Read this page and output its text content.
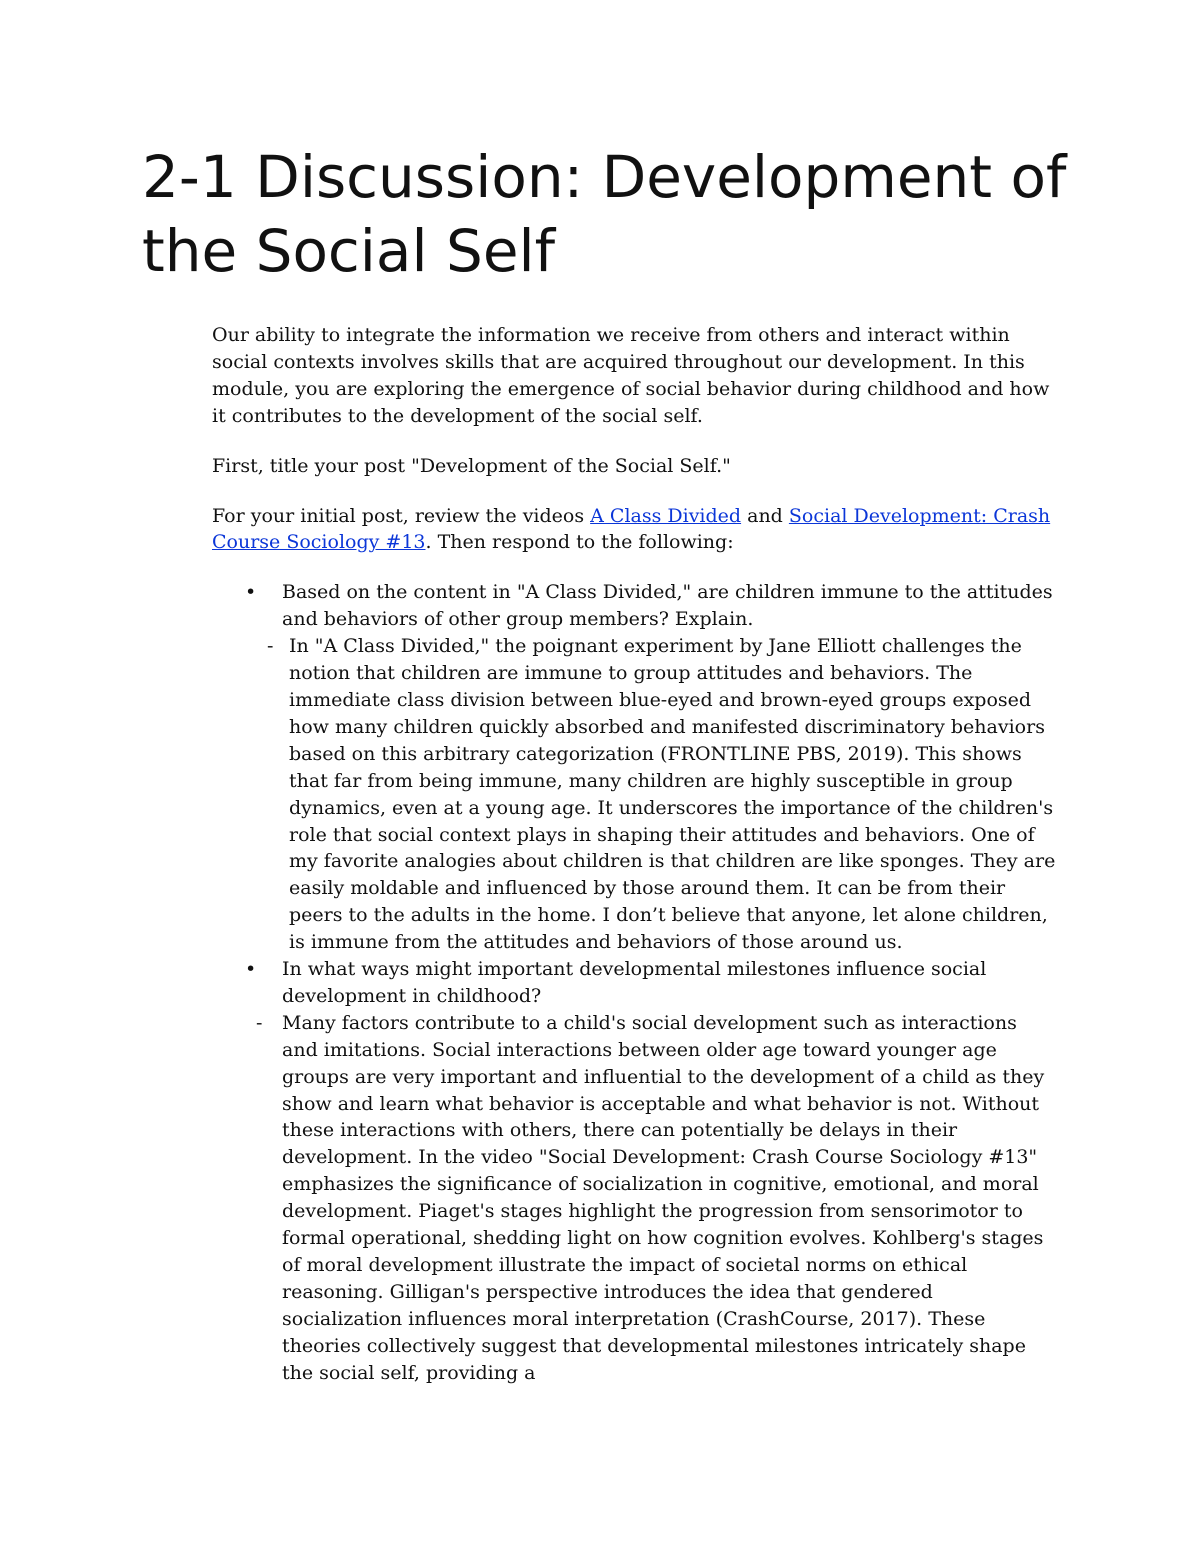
2-1 Discussion: Development of the Social Self

Our ability to integrate the information we receive from others and interact within social contexts involves skills that are acquired throughout our development. In this module, you are exploring the emergence of social behavior during childhood and how it contributes to the development of the social self.

First, title your post "Development of the Social Self."

For your initial post, review the videos A Class Divided and Social Development: Crash Course Sociology #13. Then respond to the following:

• Based on the content in "A Class Divided," are children immune to the attitudes and behaviors of other group members? Explain.
- In "A Class Divided," the poignant experiment by Jane Elliott challenges the notion that children are immune to group attitudes and behaviors. The immediate class division between blue-eyed and brown-eyed groups exposed how many children quickly absorbed and manifested discriminatory behaviors based on this arbitrary categorization (FRONTLINE PBS, 2019). This shows that far from being immune, many children are highly susceptible in group dynamics, even at a young age. It underscores the importance of the children's role that social context plays in shaping their attitudes and behaviors. One of my favorite analogies about children is that children are like sponges. They are easily moldable and influenced by those around them. It can be from their peers to the adults in the home. I don’t believe that anyone, let alone children, is immune from the attitudes and behaviors of those around us.
• In what ways might important developmental milestones influence social development in childhood?
- Many factors contribute to a child's social development such as interactions and imitations. Social interactions between older age toward younger age groups are very important and influential to the development of a child as they show and learn what behavior is acceptable and what behavior is not. Without these interactions with others, there can potentially be delays in their development. In the video "Social Development: Crash Course Sociology #13" emphasizes the significance of socialization in cognitive, emotional, and moral development. Piaget's stages highlight the progression from sensorimotor to formal operational, shedding light on how cognition evolves. Kohlberg's stages of moral development illustrate the impact of societal norms on ethical reasoning. Gilligan's perspective introduces the idea that gendered socialization influences moral interpretation (CrashCourse, 2017). These theories collectively suggest that developmental milestones intricately shape the social self, providing a
